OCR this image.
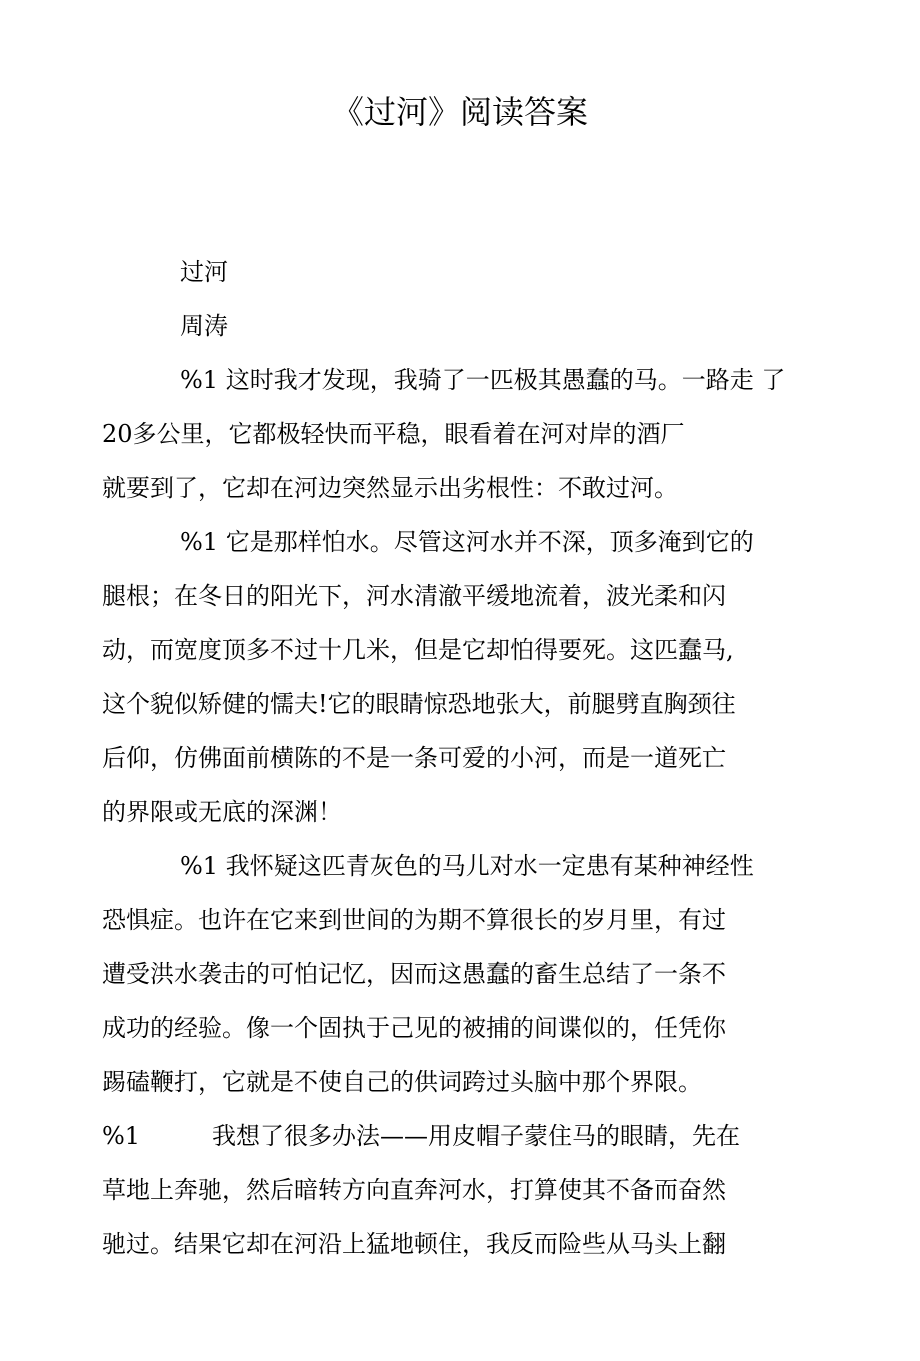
《过河》阅读答案
过河
周涛
%1 这时我才发现，我骑了一匹极其愚蠢的马。一路走 了
20多公里，它都极轻快而平稳，眼看着在河对岸的酒厂
就要到了，它却在河边突然显示出劣根性：不敢过河。
%1 它是那样怕水。尽管这河水并不深，顶多淹到它的
腿根；在冬日的阳光下，河水清澈平缓地流着，波光柔和闪
动，而宽度顶多不过十几米，但是它却怕得要死。这匹蠢马,
这个貌似矫健的懦夫!它的眼睛惊恐地张大，前腿劈直胸颈往
后仰，仿佛面前横陈的不是一条可爱的小河，而是一道死亡
的界限或无底的深渊！
%1 我怀疑这匹青灰色的马儿对水一定患有某种神经性
恐惧症。也许在它来到世间的为期不算很长的岁月里，有过
遭受洪水袭击的可怕记忆，因而这愚蠢的畜生总结了一条不
成功的经验。像一个固执于己见的被捕的间谍似的，任凭你
踢磕鞭打，它就是不使自己的供词跨过头脑中那个界限。
%1	我想了很多办法——用皮帽子蒙住马的眼睛，先在
草地上奔驰，然后暗转方向直奔河水，打算使其不备而奋然
驰过。结果它却在河沿上猛地顿住，我反而险些从马头上翻
